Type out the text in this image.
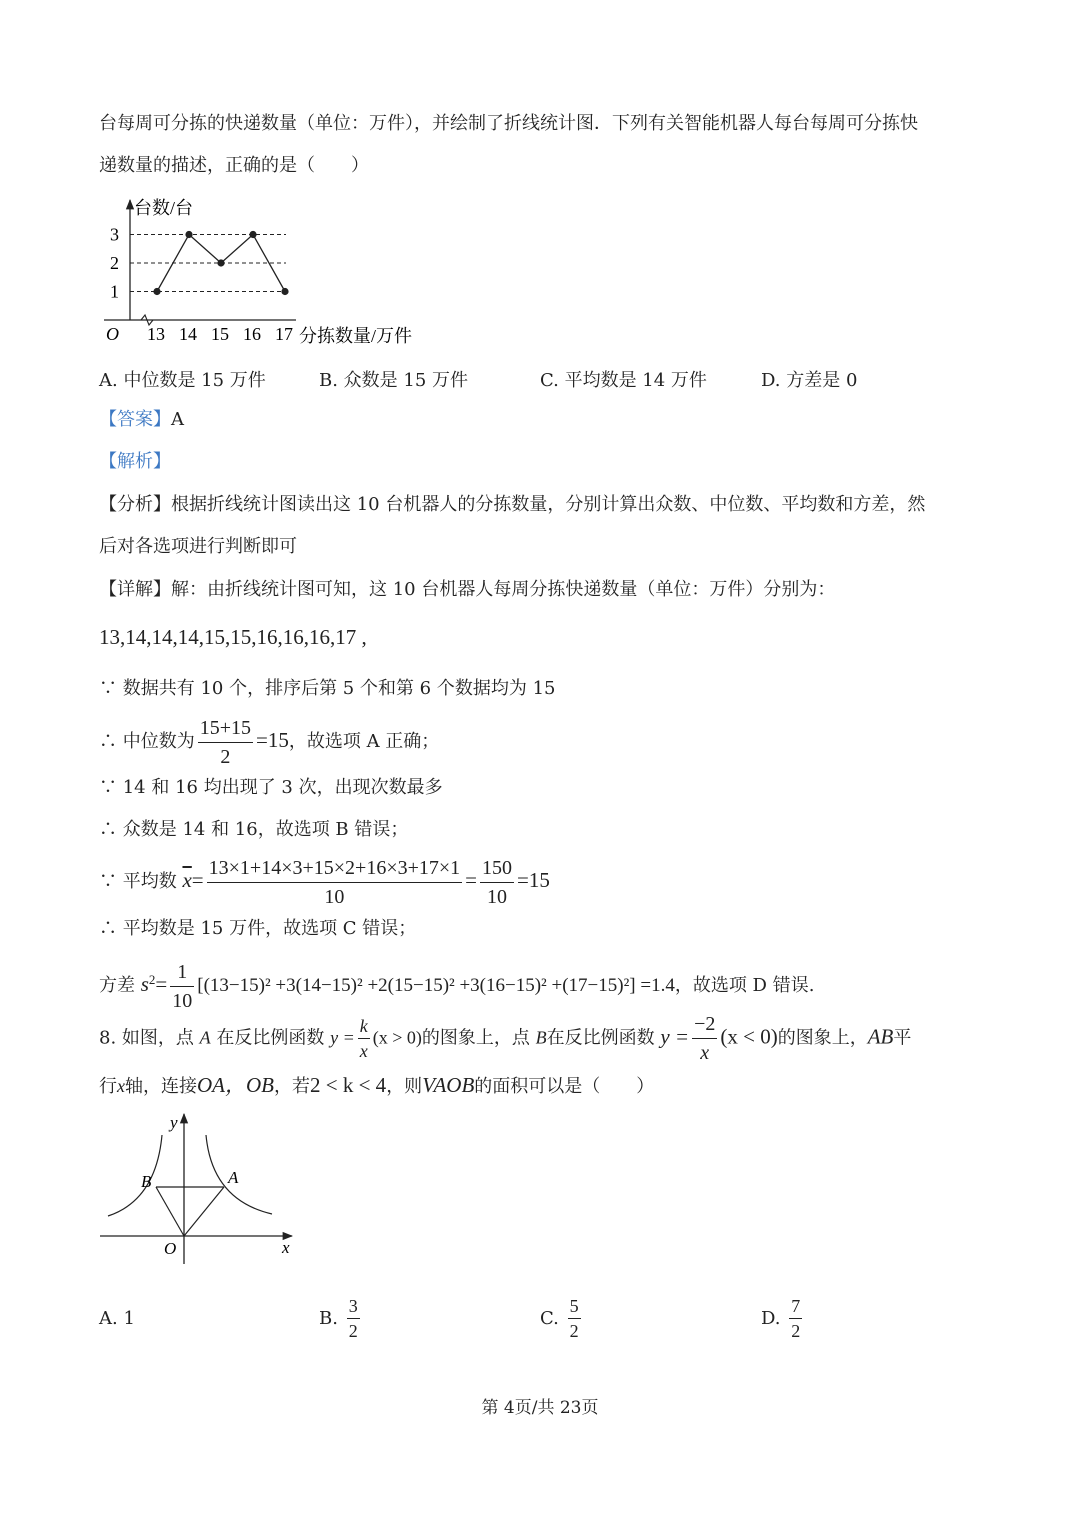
台每周可分拣的快递数量（单位：万件），并绘制了折线统计图．下列有关智能机器人每台每周可分拣快
递数量的描述，正确的是（　　）
1
2
3
13 14 15 16 17
O
台数/台
分拣数量/万件
A. 中位数是 15 万件	B. 众数是 15 万件	C. 平均数是 14 万件	D. 方差是 0
【答案】A
【解析】
【分析】根据折线统计图读出这 10 台机器人的分拣数量，分别计算出众数、中位数、平均数和方差，然
后对各选项进行判断即可
【详解】解：由折线统计图可知，这 10 台机器人每周分拣快递数量（单位：万件）分别为：
13,14,14,14,15,15,16,16,16,17 ,
∵ 数据共有 10 个，排序后第 5 个和第 6 个数据均为 15
∴ 中位数为 $\frac{15+15}{2} =15$，故选项 A 正确；
∵ 14 和 16 均出现了 3 次，出现次数最多
∴ 众数是 14 和 16，故选项 B 错误；
∵ 平均数 $\overline{x}= \frac{13\times 1+14\times 3+15\times 2+16\times 3+17\times 1}{10} = \frac{150}{10} =15$
∴ 平均数是 15 万件，故选项 C 错误；
方差 $s^2= \frac{1}{10} [(13-15)^2 +3(14-15)^2 +2(15-15)^2 +3(16-15)^2 +(17-15)^2] =1.4$，故选项 D 错误.
8. 如图，点 A 在反比例函数 $y = \frac{k}{x} (x > 0)$的图象上，点 B在反比例函数 $y = \frac{-2}{x} (x < 0)$的图象上，AB平
行x轴，连接OA，OB，若2 < k < 4，则VAOB的面积可以是（　　）
y
x
O
A
B
A. 1	B. $\frac{3}{2}$	C. $\frac{5}{2}$	D. $\frac{7}{2}$
第 4页/共 23页
